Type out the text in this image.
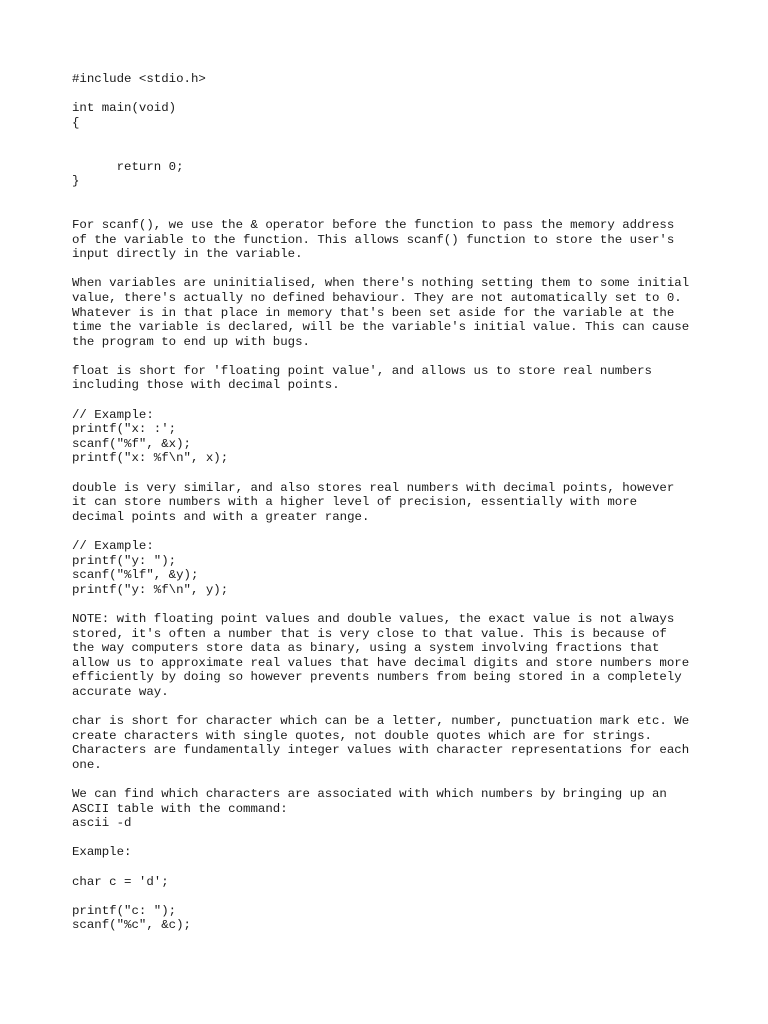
#include <stdio.h>
int main(void)
{
return 0;
}
For scanf(), we use the & operator before the function to pass the memory address
of the variable to the function. This allows scanf() function to store the user's
input directly in the variable.
When variables are uninitialised, when there's nothing setting them to some initial
value, there's actually no defined behaviour. They are not automatically set to 0.
Whatever is in that place in memory that's been set aside for the variable at the
time the variable is declared, will be the variable's initial value. This can cause
the program to end up with bugs.
float is short for 'floating point value', and allows us to store real numbers
including those with decimal points.
// Example:
printf("x: :';
scanf("%f", &x);
printf("x: %f\n", x);
double is very similar, and also stores real numbers with decimal points, however
it can store numbers with a higher level of precision, essentially with more
decimal points and with a greater range.
// Example:
printf("y: ");
scanf("%lf", &y);
printf("y: %f\n", y);
NOTE: with floating point values and double values, the exact value is not always
stored, it's often a number that is very close to that value. This is because of
the way computers store data as binary, using a system involving fractions that
allow us to approximate real values that have decimal digits and store numbers more
efficiently by doing so however prevents numbers from being stored in a completely
accurate way.
char is short for character which can be a letter, number, punctuation mark etc. We
create characters with single quotes, not double quotes which are for strings.
Characters are fundamentally integer values with character representations for each
one.
We can find which characters are associated with which numbers by bringing up an
ASCII table with the command:
ascii -d
Example:
char c = 'd';
printf("c: ");
scanf("%c", &c);
